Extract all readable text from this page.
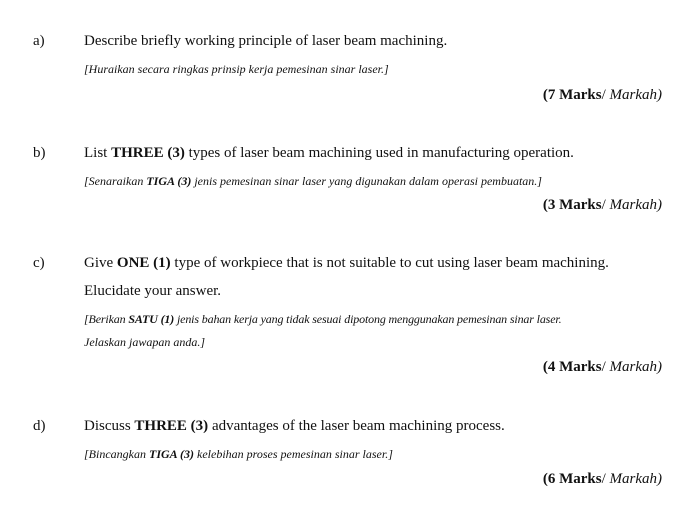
a)	Describe briefly working principle of laser beam machining.
[Huraikan secara ringkas prinsip kerja pemesinan sinar laser.]
(7 Marks/ Markah)
b)	List THREE (3) types of laser beam machining used in manufacturing operation.
[Senaraikan TIGA (3) jenis pemesinan sinar laser yang digunakan dalam operasi pembuatan.]
(3 Marks/ Markah)
c)	Give ONE (1) type of workpiece that is not suitable to cut using laser beam machining.
Elucidate your answer.
[Berikan SATU (1) jenis bahan kerja yang tidak sesuai dipotong menggunakan pemesinan sinar laser.
Jelaskan jawapan anda.]
(4 Marks/ Markah)
d)	Discuss THREE (3) advantages of the laser beam machining process.
[Bincangkan TIGA (3) kelebihan proses pemesinan sinar laser.]
(6 Marks/ Markah)
